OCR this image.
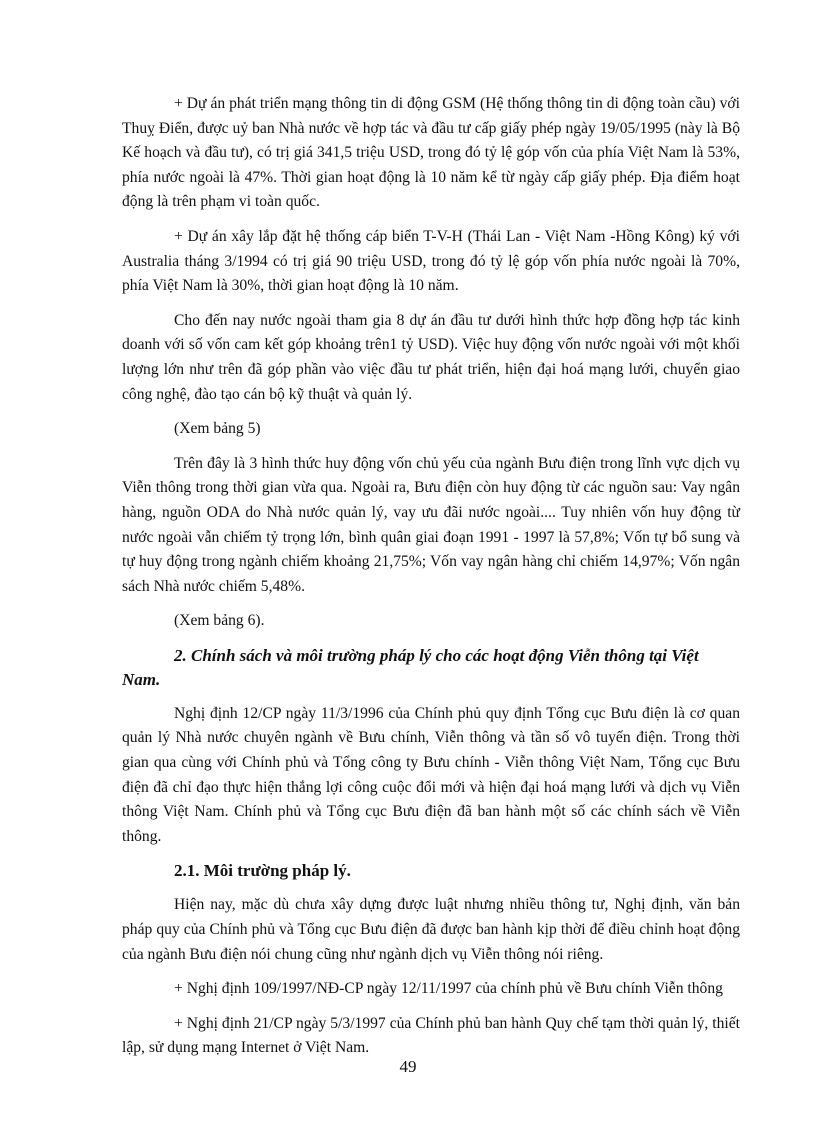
+ Dự án phát triển mạng thông tin di động GSM (Hệ thống thông tin di động toàn cầu) với Thuỵ Điển, được uỷ ban Nhà nước về hợp tác và đầu tư cấp giấy phép ngày 19/05/1995 (này là Bộ Kế hoạch và đầu tư), có trị giá 341,5 triệu USD, trong đó tỷ lệ góp vốn của phía Việt Nam là 53%, phía nước ngoài là 47%. Thời gian hoạt động là 10 năm kể từ ngày cấp giấy phép. Địa điểm hoạt động là trên phạm vi toàn quốc.

+ Dự án xây lắp đặt hệ thống cáp biển T-V-H (Thái Lan - Việt Nam -Hồng Kông) ký với Australia tháng 3/1994 có trị giá 90 triệu USD, trong đó tỷ lệ góp vốn phía nước ngoài là 70%, phía Việt Nam là 30%, thời gian hoạt động là 10 năm.

Cho đến nay nước ngoài tham gia 8 dự án đầu tư dưới hình thức hợp đồng hợp tác kinh doanh với số vốn cam kết góp khoảng trên1 tỷ USD). Việc huy động vốn nước ngoài với một khối lượng lớn như trên đã góp phần vào việc đầu tư phát triển, hiện đại hoá mạng lưới, chuyển giao công nghệ, đào tạo cán bộ kỹ thuật và quản lý.

(Xem bảng 5)

Trên đây là 3 hình thức huy động vốn chủ yếu của ngành Bưu điện trong lĩnh vực dịch vụ Viễn thông trong thời gian vừa qua. Ngoài ra, Bưu điện còn huy động từ các nguồn sau: Vay ngân hàng, nguồn ODA do Nhà nước quản lý, vay ưu đãi nước ngoài.... Tuy nhiên vốn huy động từ nước ngoài vẫn chiếm tỷ trọng lớn, bình quân giai đoạn 1991 - 1997 là 57,8%; Vốn tự bổ sung và tự huy động trong ngành chiếm khoảng 21,75%; Vốn vay ngân hàng chỉ chiếm 14,97%; Vốn ngân sách Nhà nước chiếm 5,48%.

(Xem bảng 6).

2. Chính sách và môi trường pháp lý cho các hoạt động Viễn thông tại Việt Nam.

Nghị định 12/CP ngày 11/3/1996 của Chính phủ quy định Tổng cục Bưu điện là cơ quan quản lý Nhà nước chuyên ngành về Bưu chính, Viễn thông và tần số vô tuyến điện. Trong thời gian qua cùng với Chính phủ và Tổng công ty Bưu chính - Viễn thông Việt Nam, Tổng cục Bưu điện đã chỉ đạo thực hiện thắng lợi công cuộc đổi mới và hiện đại hoá mạng lưới và dịch vụ Viễn thông Việt Nam. Chính phủ và Tổng cục Bưu điện đã ban hành một số các chính sách về Viễn thông.

2.1. Môi trường pháp lý.

Hiện nay, mặc dù chưa xây dựng được luật nhưng nhiều thông tư, Nghị định, văn bản pháp quy của Chính phủ và Tổng cục Bưu điện đã được ban hành kịp thời để điều chỉnh hoạt động của ngành Bưu điện nói chung cũng như ngành dịch vụ Viễn thông nói riêng.

+ Nghị định 109/1997/NĐ-CP ngày 12/11/1997 của chính phủ về Bưu chính Viễn thông

+ Nghị định 21/CP ngày 5/3/1997 của Chính phủ ban hành Quy chế tạm thời quản lý, thiết lập, sử dụng mạng Internet ở Việt Nam.

49
